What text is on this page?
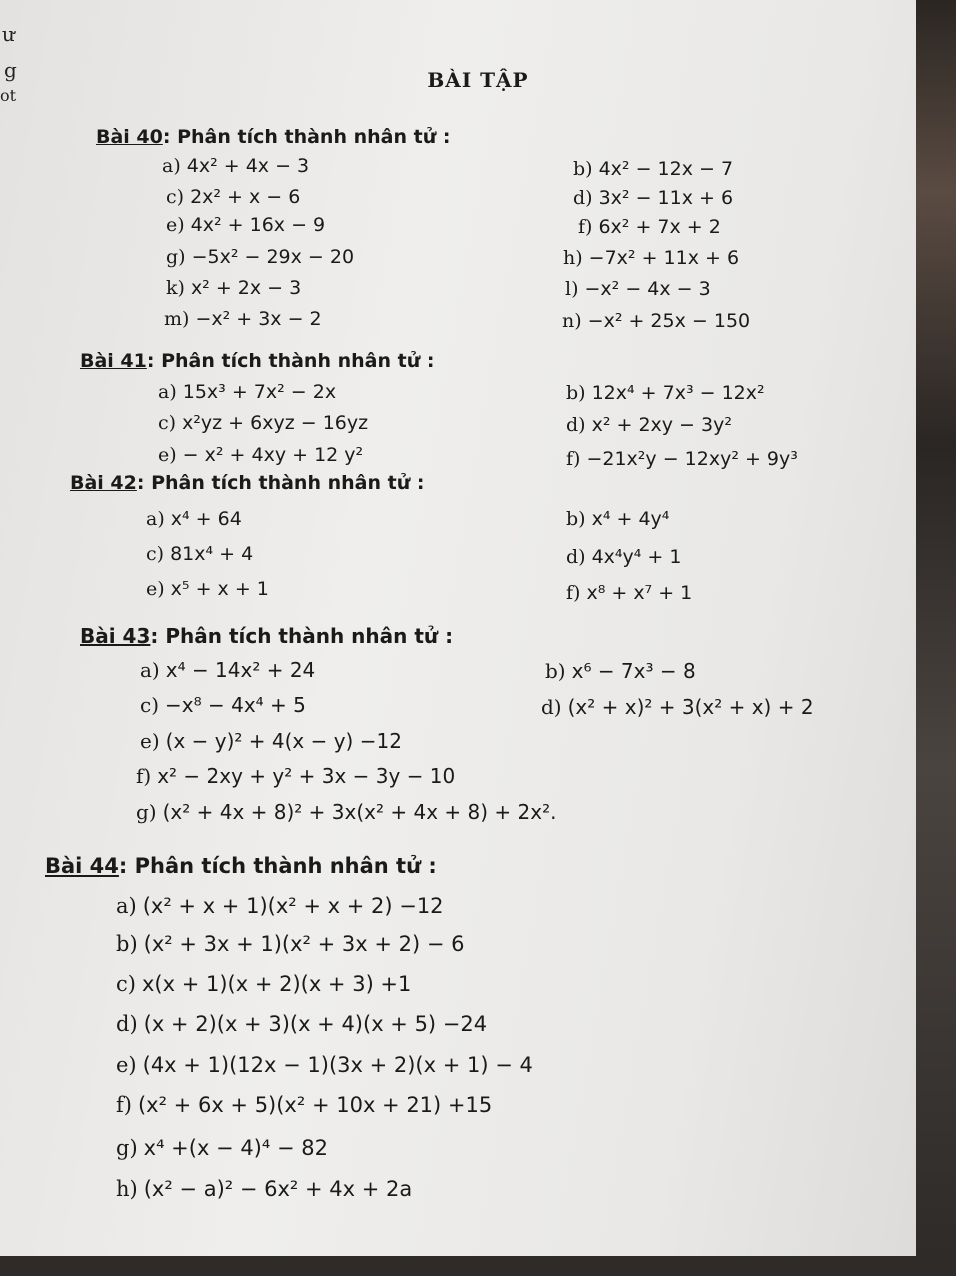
ư
g
ot
BÀI TẬP
Bài 40: Phân tích thành nhân tử :
a) 4x² + 4x − 3	b) 4x² − 12x − 7
c) 2x² + x − 6	d) 3x² − 11x + 6
e) 4x² + 16x − 9	f) 6x² + 7x + 2
g) −5x² − 29x − 20	h) −7x² + 11x + 6
k) x² + 2x − 3	l) −x² − 4x − 3
m) −x² + 3x − 2	n) −x² + 25x − 150
Bài 41: Phân tích thành nhân tử :
a) 15x³ + 7x² − 2x	b) 12x⁴ + 7x³ − 12x²
c) x²yz + 6xyz − 16yz	d) x² + 2xy − 3y²
e) − x² + 4xy + 12 y²	f) −21x²y − 12xy² + 9y³
Bài 42: Phân tích thành nhân tử :
a) x⁴ + 64	b) x⁴ + 4y⁴
c) 81x⁴ + 4	d) 4x⁴y⁴ + 1
e) x⁵ + x + 1	f) x⁸ + x⁷ + 1
Bài 43: Phân tích thành nhân tử :
a) x⁴ − 14x² + 24	b) x⁶ − 7x³ − 8
c) −x⁸ − 4x⁴ + 5	d) (x² + x)² + 3(x² + x) + 2
e) (x − y)² + 4(x − y) −12
f) x² − 2xy + y² + 3x − 3y − 10
g) (x² + 4x + 8)² + 3x(x² + 4x + 8) + 2x².
Bài 44: Phân tích thành nhân tử :
a) (x² + x + 1)(x² + x + 2) −12
b) (x² + 3x + 1)(x² + 3x + 2) − 6
c) x(x + 1)(x + 2)(x + 3) +1
d) (x + 2)(x + 3)(x + 4)(x + 5) −24
e) (4x + 1)(12x − 1)(3x + 2)(x + 1) − 4
f) (x² + 6x + 5)(x² + 10x + 21) +15
g) x⁴ +(x − 4)⁴ − 82
h) (x² − a)² − 6x² + 4x + 2a
